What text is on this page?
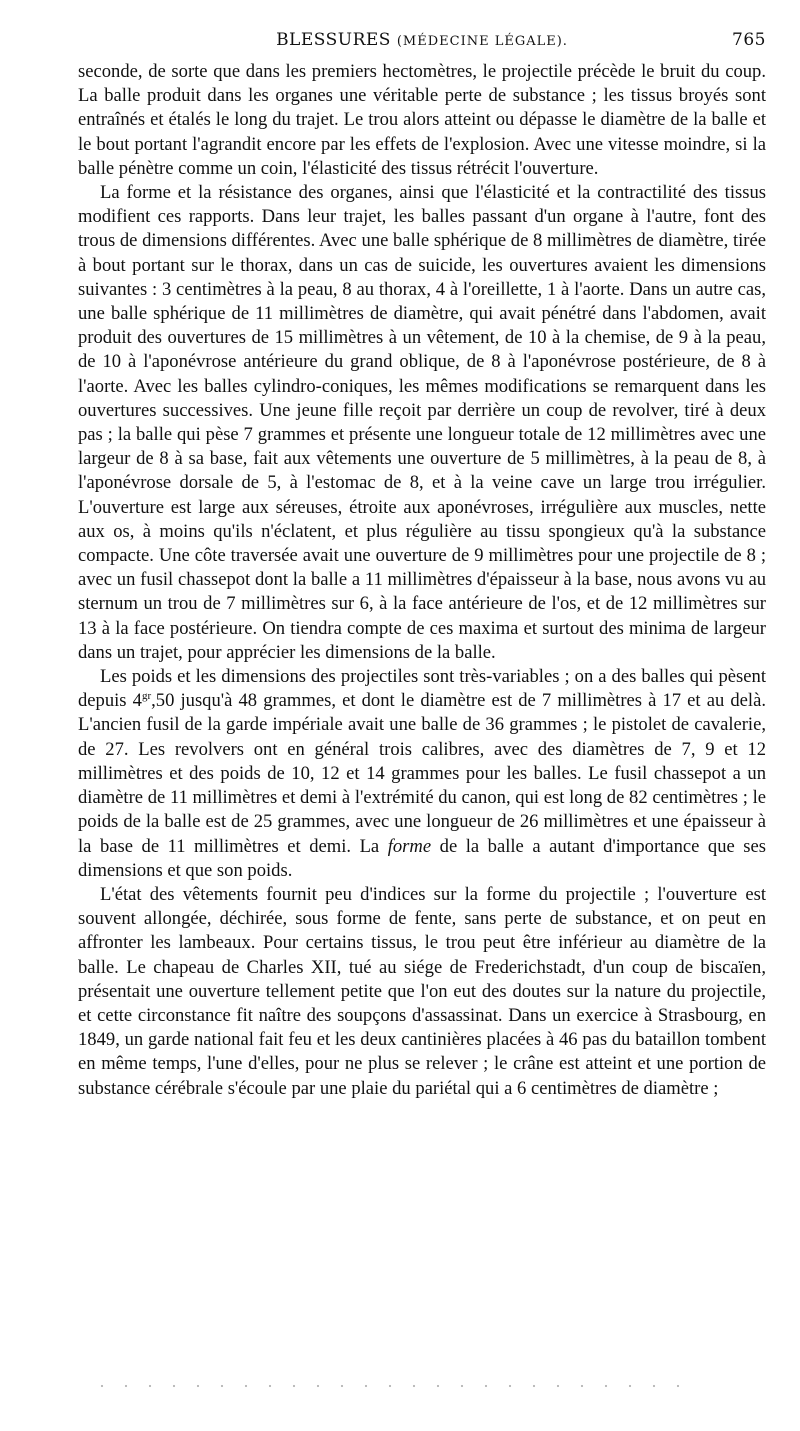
BLESSURES (MÉDECINE LÉGALE).	765

seconde, de sorte que dans les premiers hectomètres, le projectile précède le bruit du coup. La balle produit dans les organes une véritable perte de substance ; les tissus broyés sont entraînés et étalés le long du trajet. Le trou alors atteint ou dépasse le diamètre de la balle et le bout portant l'agrandit encore par les effets de l'explosion. Avec une vitesse moindre, si la balle pénètre comme un coin, l'élasticité des tissus rétrécit l'ouverture.

La forme et la résistance des organes, ainsi que l'élasticité et la contractilité des tissus modifient ces rapports. Dans leur trajet, les balles passant d'un organe à l'autre, font des trous de dimensions différentes. Avec une balle sphérique de 8 millimètres de diamètre, tirée à bout portant sur le thorax, dans un cas de suicide, les ouvertures avaient les dimensions suivantes : 3 centimètres à la peau, 8 au thorax, 4 à l'oreillette, 1 à l'aorte. Dans un autre cas, une balle sphérique de 11 millimètres de diamètre, qui avait pénétré dans l'abdomen, avait produit des ouvertures de 15 millimètres à un vêtement, de 10 à la chemise, de 9 à la peau, de 10 à l'aponévrose antérieure du grand oblique, de 8 à l'aponévrose postérieure, de 8 à l'aorte. Avec les balles cylindro-coniques, les mêmes modifications se remarquent dans les ouvertures successives. Une jeune fille reçoit par derrière un coup de revolver, tiré à deux pas ; la balle qui pèse 7 grammes et présente une longueur totale de 12 millimètres avec une largeur de 8 à sa base, fait aux vêtements une ouverture de 5 millimètres, à la peau de 8, à l'aponévrose dorsale de 5, à l'estomac de 8, et à la veine cave un large trou irrégulier. L'ouverture est large aux séreuses, étroite aux aponévroses, irrégulière aux muscles, nette aux os, à moins qu'ils n'éclatent, et plus régulière au tissu spongieux qu'à la substance compacte. Une côte traversée avait une ouverture de 9 millimètres pour une projectile de 8 ; avec un fusil chassepot dont la balle a 11 millimètres d'épaisseur à la base, nous avons vu au sternum un trou de 7 millimètres sur 6, à la face antérieure de l'os, et de 12 millimètres sur 13 à la face postérieure. On tiendra compte de ces maxima et surtout des minima de largeur dans un trajet, pour apprécier les dimensions de la balle.

Les poids et les dimensions des projectiles sont très-variables ; on a des balles qui pèsent depuis $4^{gr},50$ jusqu'à 48 grammes, et dont le diamètre est de 7 millimètres à 17 et au delà. L'ancien fusil de la garde impériale avait une balle de 36 grammes ; le pistolet de cavalerie, de 27. Les revolvers ont en général trois calibres, avec des diamètres de 7, 9 et 12 millimètres et des poids de 10, 12 et 14 grammes pour les balles. Le fusil chassepot a un diamètre de 11 millimètres et demi à l'extrémité du canon, qui est long de 82 centimètres ; le poids de la balle est de 25 grammes, avec une longueur de 26 millimètres et une épaisseur à la base de 11 millimètres et demi. La forme de la balle a autant d'importance que ses dimensions et que son poids.

L'état des vêtements fournit peu d'indices sur la forme du projectile ; l'ouverture est souvent allongée, déchirée, sous forme de fente, sans perte de substance, et on peut en affronter les lambeaux. Pour certains tissus, le trou peut être inférieur au diamètre de la balle. Le chapeau de Charles XII, tué au siége de Frederichstadt, d'un coup de biscaïen, présentait une ouverture tellement petite que l'on eut des doutes sur la nature du projectile, et cette circonstance fit naître des soupçons d'assassinat. Dans un exercice à Strasbourg, en 1849, un garde national fait feu et les deux cantinières placées à 46 pas du bataillon tombent en même temps, l'une d'elles, pour ne plus se relever ; le crâne est atteint et une portion de substance cérébrale s'écoule par une plaie du pariétal qui a 6 centimètres de diamètre ;
